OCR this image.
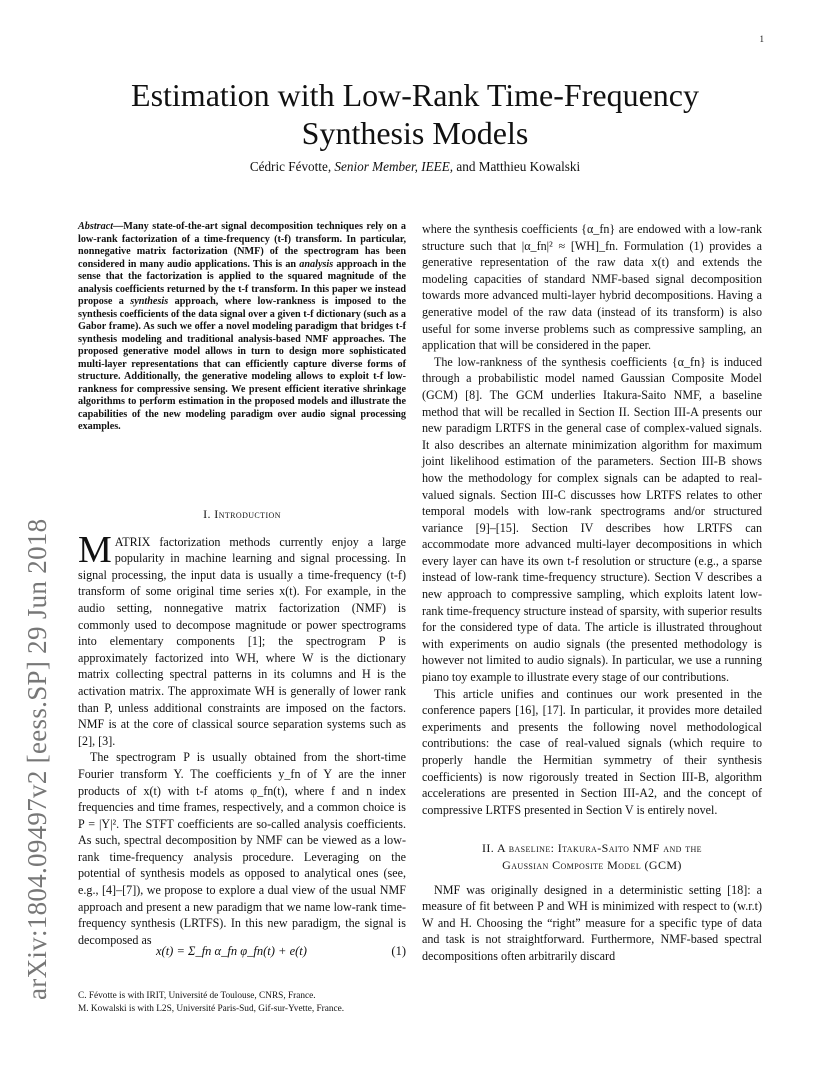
1
arXiv:1804.09497v2 [eess.SP] 29 Jun 2018
Estimation with Low-Rank Time-Frequency Synthesis Models
Cédric Févotte, Senior Member, IEEE, and Matthieu Kowalski
Abstract—Many state-of-the-art signal decomposition techniques rely on a low-rank factorization of a time-frequency (t-f) transform. In particular, nonnegative matrix factorization (NMF) of the spectrogram has been considered in many audio applications. This is an analysis approach in the sense that the factorization is applied to the squared magnitude of the analysis coefficients returned by the t-f transform. In this paper we instead propose a synthesis approach, where low-rankness is imposed to the synthesis coefficients of the data signal over a given t-f dictionary (such as a Gabor frame). As such we offer a novel modeling paradigm that bridges t-f synthesis modeling and traditional analysis-based NMF approaches. The proposed generative model allows in turn to design more sophisticated multi-layer representations that can efficiently capture diverse forms of structure. Additionally, the generative modeling allows to exploit t-f low-rankness for compressive sensing. We present efficient iterative shrinkage algorithms to perform estimation in the proposed models and illustrate the capabilities of the new modeling paradigm over audio signal processing examples.

I. Introduction

MATRIX factorization methods currently enjoy a large popularity in machine learning and signal processing. In signal processing, the input data is usually a time-frequency (t-f) transform of some original time series x(t). For example, in the audio setting, nonnegative matrix factorization (NMF) is commonly used to decompose magnitude or power spectrograms into elementary components [1]; the spectrogram P is approximately factorized into WH, where W is the dictionary matrix collecting spectral patterns in its columns and H is the activation matrix. The approximate WH is generally of lower rank than P, unless additional constraints are imposed on the factors. NMF is at the core of classical source separation systems such as [2], [3].

The spectrogram P is usually obtained from the short-time Fourier transform Y. The coefficients y_fn of Y are the inner products of x(t) with t-f atoms φ_fn(t), where f and n index frequencies and time frames, respectively, and a common choice is P = |Y|². The STFT coefficients are so-called analysis coefficients. As such, spectral decomposition by NMF can be viewed as a low-rank time-frequency analysis procedure. Leveraging on the potential of synthesis models as opposed to analytical ones (see, e.g., [4]–[7]), we propose to explore a dual view of the usual NMF approach and present a new paradigm that we name low-rank time-frequency synthesis (LRTFS). In this new paradigm, the signal is decomposed as

x(t) = Σ_fn α_fn φ_fn(t) + e(t)	(1)

C. Févotte is with IRIT, Université de Toulouse, CNRS, France.

M. Kowalski is with L2S, Université Paris-Sud, Gif-sur-Yvette, France.

where the synthesis coefficients {α_fn} are endowed with a low-rank structure such that |α_fn|² ≈ [WH]_fn. Formulation (1) provides a generative representation of the raw data x(t) and extends the modeling capacities of standard NMF-based signal decomposition towards more advanced multi-layer hybrid decompositions. Having a generative model of the raw data (instead of its transform) is also useful for some inverse problems such as compressive sampling, an application that will be considered in the paper.

The low-rankness of the synthesis coefficients {α_fn} is induced through a probabilistic model named Gaussian Composite Model (GCM) [8]. The GCM underlies Itakura-Saito NMF, a baseline method that will be recalled in Section II. Section III-A presents our new paradigm LRTFS in the general case of complex-valued signals. It also describes an alternate minimization algorithm for maximum joint likelihood estimation of the parameters. Section III-B shows how the methodology for complex signals can be adapted to real-valued signals. Section III-C discusses how LRTFS relates to other temporal models with low-rank spectrograms and/or structured variance [9]–[15]. Section IV describes how LRTFS can accommodate more advanced multi-layer decompositions in which every layer can have its own t-f resolution or structure (e.g., a sparse instead of low-rank time-frequency structure). Section V describes a new approach to compressive sampling, which exploits latent low-rank time-frequency structure instead of sparsity, with superior results for the considered type of data. The article is illustrated throughout with experiments on audio signals (the presented methodology is however not limited to audio signals). In particular, we use a running piano toy example to illustrate every stage of our contributions.

This article unifies and continues our work presented in the conference papers [16], [17]. In particular, it provides more detailed experiments and presents the following novel methodological contributions: the case of real-valued signals (which require to properly handle the Hermitian symmetry of their synthesis coefficients) is now rigorously treated in Section III-B, algorithm accelerations are presented in Section III-A2, and the concept of compressive LRTFS presented in Section V is entirely novel.

II. A baseline: Itakura-Saito NMF and the

Gaussian Composite Model (GCM)

NMF was originally designed in a deterministic setting [18]: a measure of fit between P and WH is minimized with respect to (w.r.t) W and H. Choosing the “right” measure for a specific type of data and task is not straightforward. Furthermore, NMF-based spectral decompositions often arbitrarily discard
